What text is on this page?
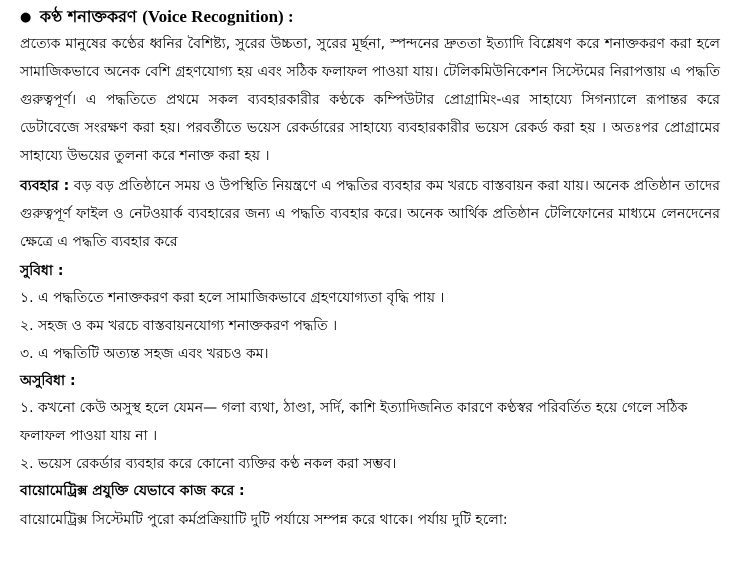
● কণ্ঠ শনাক্তকরণ (Voice Recognition) :

প্রত্যেক মানুষের কণ্ঠের ধ্বনির বৈশিষ্ট্য, সুরের উচ্চতা, সুরের মূর্ছনা, স্পন্দনের দ্রুততা ইত্যাদি বিশ্লেষণ করে শনাক্তকরণ করা হলে সামাজিকভাবে অনেক বেশি গ্রহণযোগ্য হয় এবং সঠিক ফলাফল পাওয়া যায়। টেলিকমিউনিকেশন সিস্টেমের নিরাপত্তায় এ পদ্ধতি গুরুত্বপূর্ণ। এ পদ্ধতিতে প্রথমে সকল ব্যবহারকারীর কণ্ঠকে কম্পিউটার প্রোগ্রামিং-এর সাহায্যে সিগন্যালে রূপান্তর করে ডেটাবেজে সংরক্ষণ করা হয়। পরবর্তীতে ভয়েস রেকর্ডারের সাহায্যে ব্যবহারকারীর ভয়েস রেকর্ড করা হয় । অতঃপর প্রোগ্রামের সাহায্যে উভয়ের তুলনা করে শনাক্ত করা হয় ।

ব্যবহার : বড় বড় প্রতিষ্ঠানে সময় ও উপস্থিতি নিয়ন্ত্রণে এ পদ্ধতির ব্যবহার কম খরচে বাস্তবায়ন করা যায়। অনেক প্রতিষ্ঠান তাদের গুরুত্বপূর্ণ ফাইল ও নেটওয়ার্ক ব্যবহারের জন্য এ পদ্ধতি ব্যবহার করে। অনেক আর্থিক প্রতিষ্ঠান টেলিফোনের মাধ্যমে লেনদেনের ক্ষেত্রে এ পদ্ধতি ব্যবহার করে

সুবিধা :

১. এ পদ্ধতিতে শনাক্তকরণ করা হলে সামাজিকভাবে গ্রহণযোগ্যতা বৃদ্ধি পায় ।

২. সহজ ও কম খরচে বাস্তবায়নযোগ্য শনাক্তকরণ পদ্ধতি ।

৩. এ পদ্ধতিটি অত্যন্ত সহজ এবং খরচও কম।

অসুবিধা :

১. কখনো কেউ অসুস্থ হলে যেমন— গলা ব্যথা, ঠাণ্ডা, সর্দি, কাশি ইত্যাদিজনিত কারণে কণ্ঠস্বর পরিবর্তিত হয়ে গেলে সঠিক ফলাফল পাওয়া যায় না ।

২. ভয়েস রেকর্ডার ব্যবহার করে কোনো ব্যক্তির কণ্ঠ নকল করা সম্ভব।

বায়োমেট্রিক্স প্রযুক্তি যেভাবে কাজ করে :

বায়োমেট্রিক্স সিস্টেমটি পুরো কর্মপ্রক্রিয়াটি দুটি পর্যায়ে সম্পন্ন করে থাকে। পর্যায় দুটি হলো:
